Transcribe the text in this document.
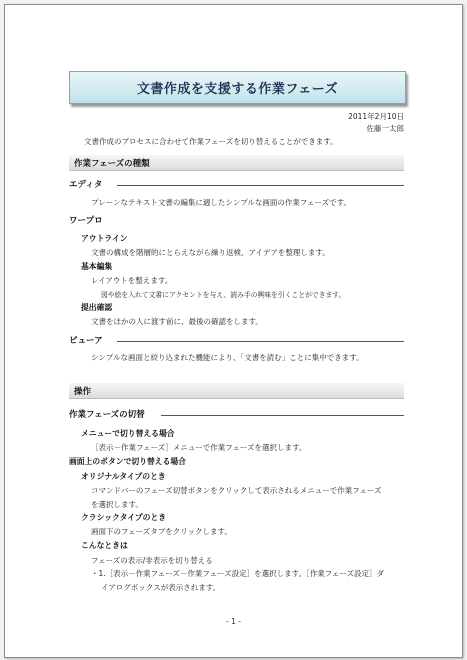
文書作成を支援する作業フェーズ
2011年2月10日
佐藤一太郎
文書作成のプロセスに合わせて作業フェーズを切り替えることができます。
作業フェーズの種類
エディタ
プレーンなテキスト文書の編集に適したシンプルな画面の作業フェーズです。
ワープロ
アウトライン
文書の構成を階層的にとらえながら繰り返検、アイデアを整理します。
基本編集
レイアウトを整えます。
図や絵を入れて文書にアクセントを与え、読み手の興味を引くことができます。
提出確認
文書をほかの人に渡す前に、最後の確認をします。
ビューア
シンプルな画面と絞り込まれた機能により、「文書を読む」ことに集中できます。
操作
作業フェーズの切替
メニューで切り替える場合
［表示－作業フェーズ］メニューで作業フェーズを選択します。
画面上のボタンで切り替える場合
オリジナルタイプのとき
コマンドバーのフェーズ切替ボタンをクリックして表示されるメニューで作業フェーズ
を選択します。
クラシックタイプのとき
画面下のフェーズタブをクリックします。
こんなときは
フェーズの表示/非表示を切り替える
・1.［表示－作業フェーズ－作業フェーズ設定］を選択します。［作業フェーズ設定］ダ
イアログボックスが表示されます。
- 1 -
